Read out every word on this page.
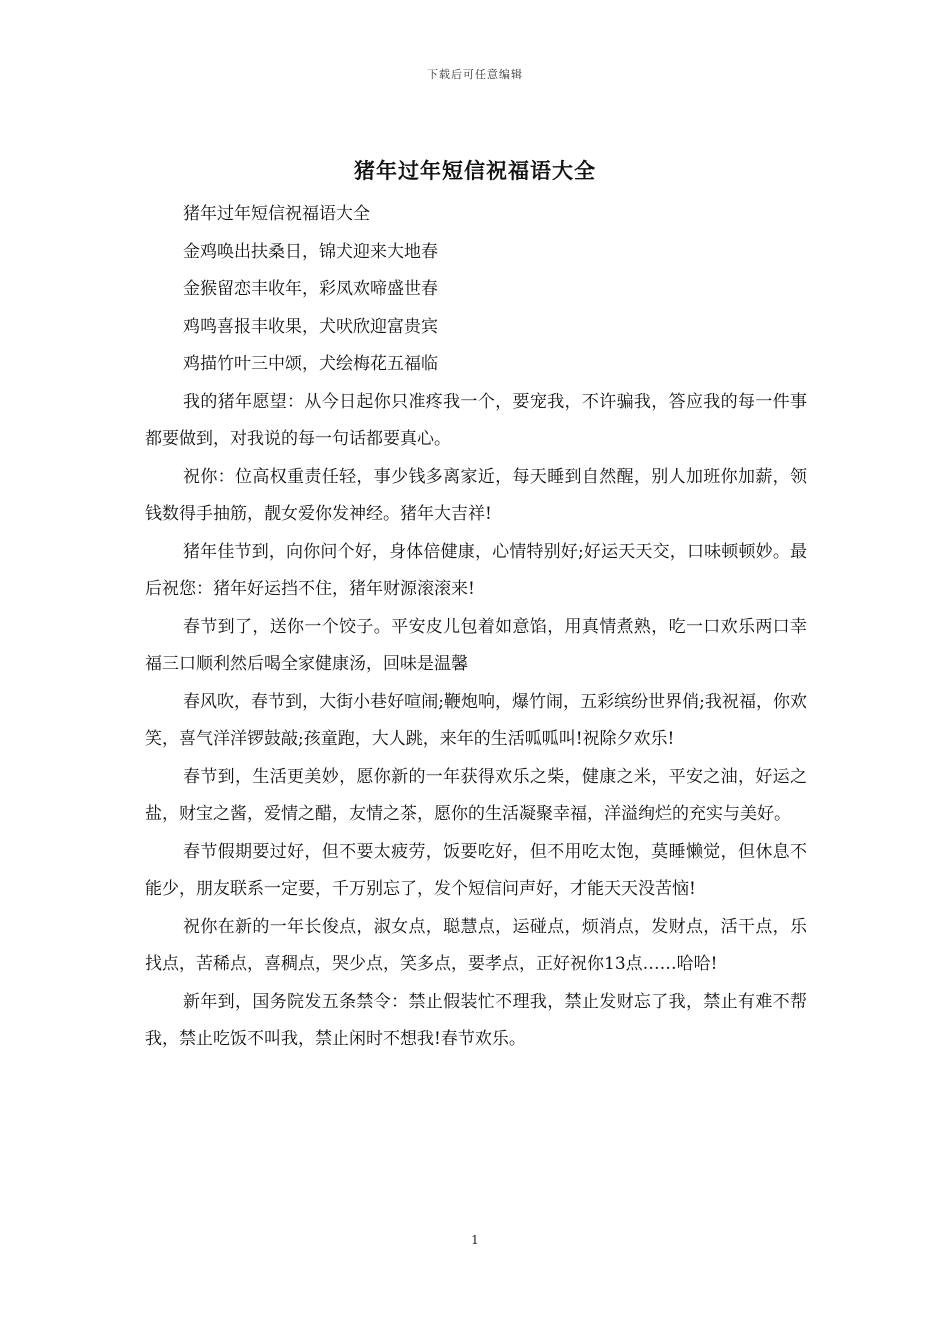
下载后可任意编辑
猪年过年短信祝福语大全

猪年过年短信祝福语大全

金鸡唤出扶桑日，锦犬迎来大地春

金猴留恋丰收年，彩凤欢啼盛世春

鸡鸣喜报丰收果，犬吠欣迎富贵宾

鸡描竹叶三中颂，犬绘梅花五福临

我的猪年愿望：从今日起你只准疼我一个，要宠我，不许骗我，答应我的每一件事都要做到，对我说的每一句话都要真心。

祝你：位高权重责任轻，事少钱多离家近，每天睡到自然醒，别人加班你加薪，领钱数得手抽筋，靓女爱你发神经。猪年大吉祥!

猪年佳节到，向你问个好，身体倍健康，心情特别好;好运天天交，口味顿顿妙。最后祝您：猪年好运挡不住，猪年财源滚滚来!

春节到了，送你一个饺子。平安皮儿包着如意馅，用真情煮熟，吃一口欢乐两口幸福三口顺利然后喝全家健康汤，回味是温馨

春风吹，春节到，大街小巷好喧闹;鞭炮响，爆竹闹，五彩缤纷世界俏;我祝福，你欢笑，喜气洋洋锣鼓敲;孩童跑，大人跳，来年的生活呱呱叫!祝除夕欢乐!

春节到，生活更美妙，愿你新的一年获得欢乐之柴，健康之米，平安之油，好运之盐，财宝之酱，爱情之醋，友情之茶，愿你的生活凝聚幸福，洋溢绚烂的充实与美好。

春节假期要过好，但不要太疲劳，饭要吃好，但不用吃太饱，莫睡懒觉，但休息不能少，朋友联系一定要，千万别忘了，发个短信问声好，才能天天没苦恼!

祝你在新的一年长俊点，淑女点，聪慧点，运碰点，烦消点，发财点，活干点，乐找点，苦稀点，喜稠点，哭少点，笑多点，要孝点，正好祝你13点……哈哈!

新年到，国务院发五条禁令：禁止假装忙不理我，禁止发财忘了我，禁止有难不帮我，禁止吃饭不叫我，禁止闲时不想我!春节欢乐。

1
